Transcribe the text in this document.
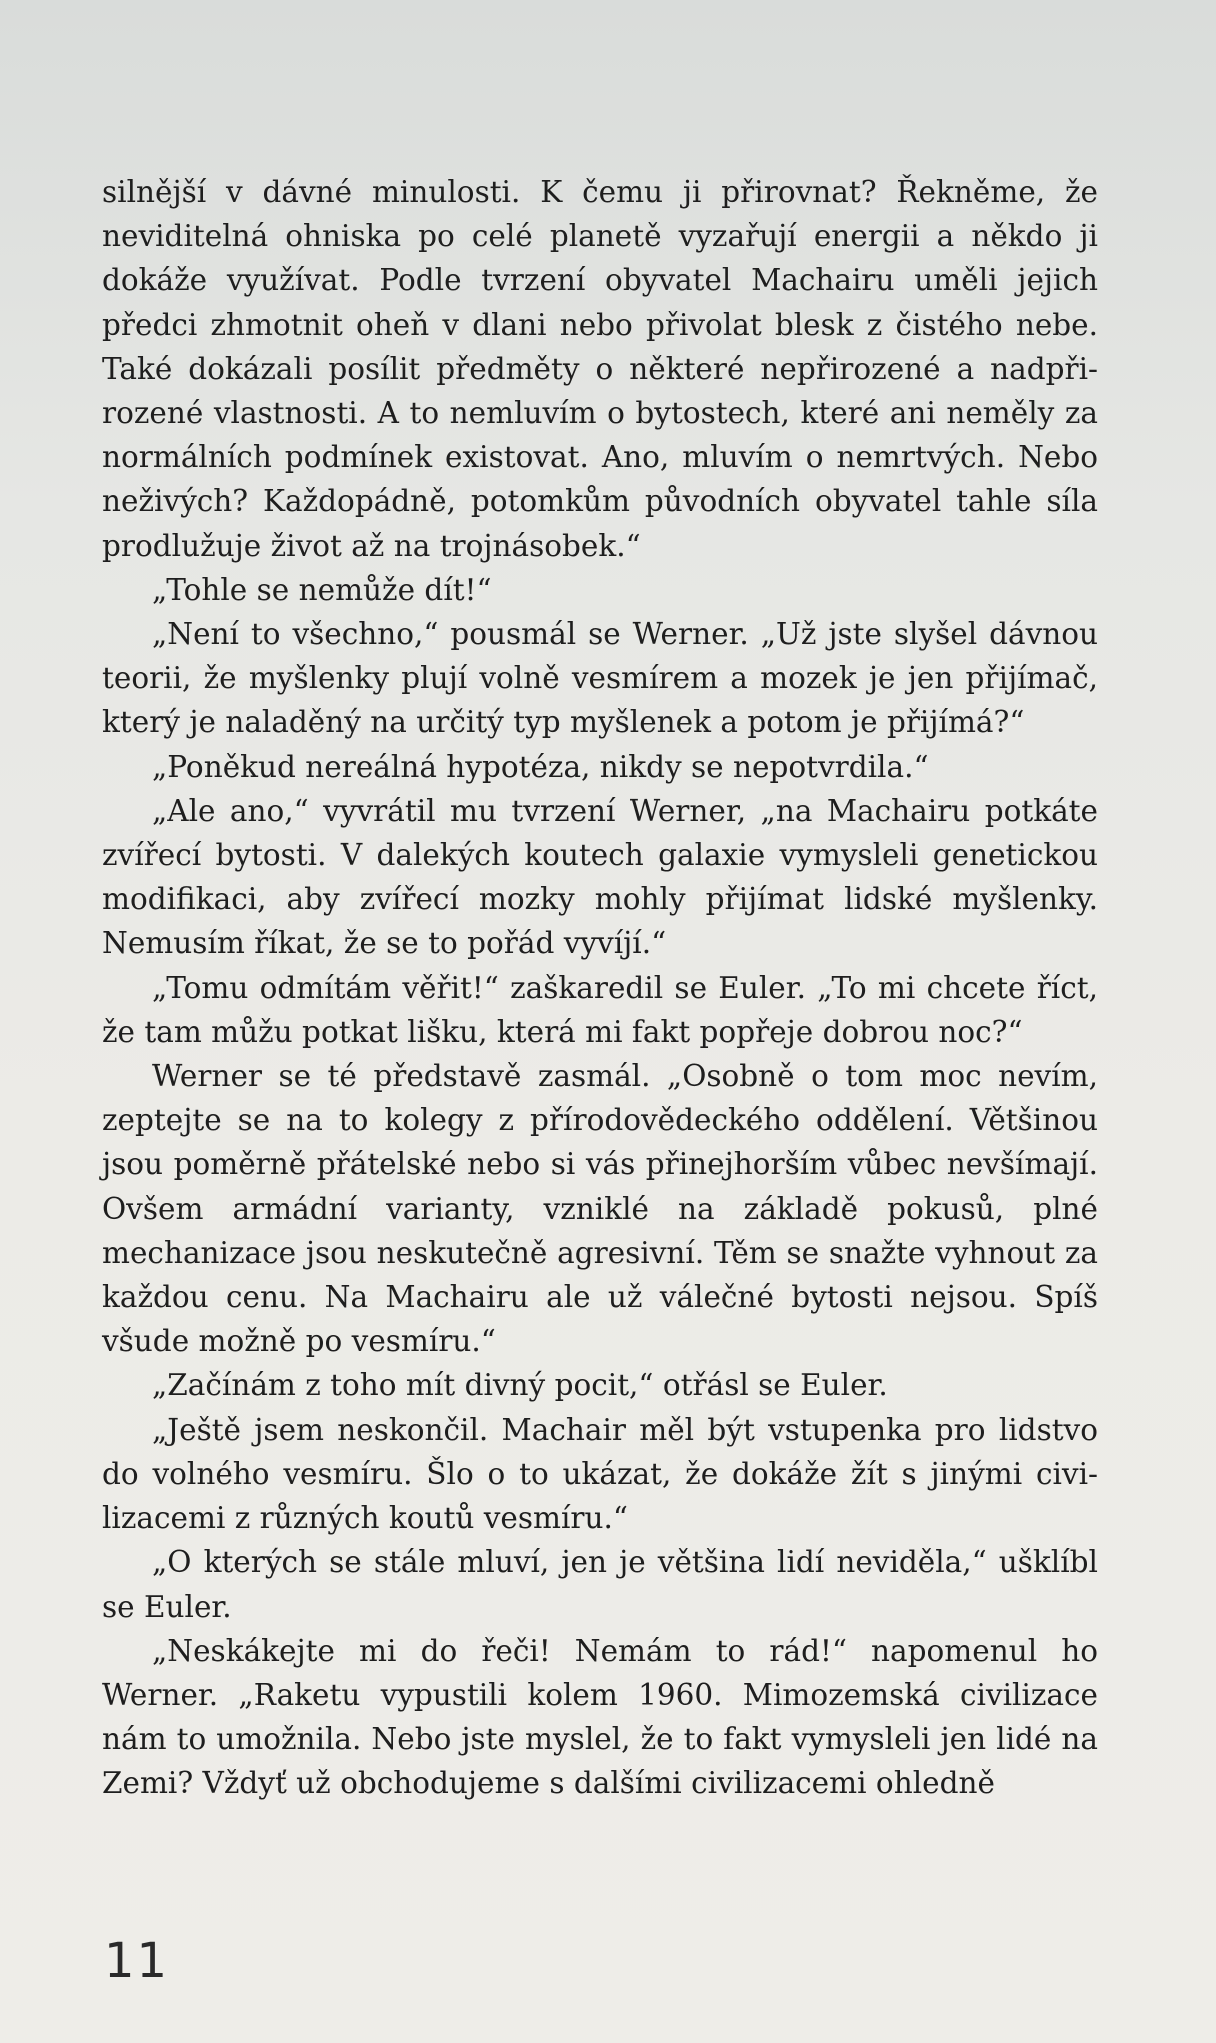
silnější v dávné minulosti. K čemu ji přirovnat? Řekněme, že neviditelná ohniska po celé planetě vyzařují energii a někdo ji dokáže využívat. Podle tvrzení obyvatel Machairu uměli jejich předci zhmotnit oheň v dlani nebo přivolat blesk z čistého nebe. Také dokázali posílit předměty o některé nepřirozené a nadpřirozené vlastnosti. A to nemluvím o bytostech, které ani neměly za normálních podmínek existovat. Ano, mluvím o nemrtvých. Nebo neživých? Každopádně, potomkům původních obyvatel tahle síla prodlužuje život až na trojnásobek.“

„Tohle se nemůže dít!“

„Není to všechno,“ pousmál se Werner. „Už jste slyšel dávnou teorii, že myšlenky plují volně vesmírem a mozek je jen přijímač, který je naladěný na určitý typ myšlenek a potom je přijímá?“

„Poněkud nereálná hypotéza, nikdy se nepotvrdila.“

„Ale ano,“ vyvrátil mu tvrzení Werner, „na Machairu potkáte zvířecí bytosti. V dalekých koutech galaxie vymysleli genetickou modifikaci, aby zvířecí mozky mohly přijímat lidské myšlenky. Nemusím říkat, že se to pořád vyvíjí.“

„Tomu odmítám věřit!“ zaškaredil se Euler. „To mi chcete říct, že tam můžu potkat lišku, která mi fakt popřeje dobrou noc?“

Werner se té představě zasmál. „Osobně o tom moc nevím, zeptejte se na to kolegy z přírodovědeckého oddělení. Většinou jsou poměrně přátelské nebo si vás přinejhorším vůbec nevšímají. Ovšem armádní varianty, vzniklé na základě pokusů, plné mechanizace jsou neskutečně agresivní. Těm se snažte vyhnout za každou cenu. Na Machairu ale už válečné bytosti nejsou. Spíš všude možně po vesmíru.“

„Začínám z toho mít divný pocit,“ otřásl se Euler.

„Ještě jsem neskončil. Machair měl být vstupenka pro lidstvo do volného vesmíru. Šlo o to ukázat, že dokáže žít s jinými civilizacemi z různých koutů vesmíru.“

„O kterých se stále mluví, jen je většina lidí neviděla,“ ušklíbl se Euler.

„Neskákejte mi do řeči! Nemám to rád!“ napomenul ho Werner. „Raketu vypustili kolem 1960. Mimozemská civilizace nám to umožnila. Nebo jste myslel, že to fakt vymysleli jen lidé na Zemi? Vždyť už obchodujeme s dalšími civilizacemi ohledně

11
